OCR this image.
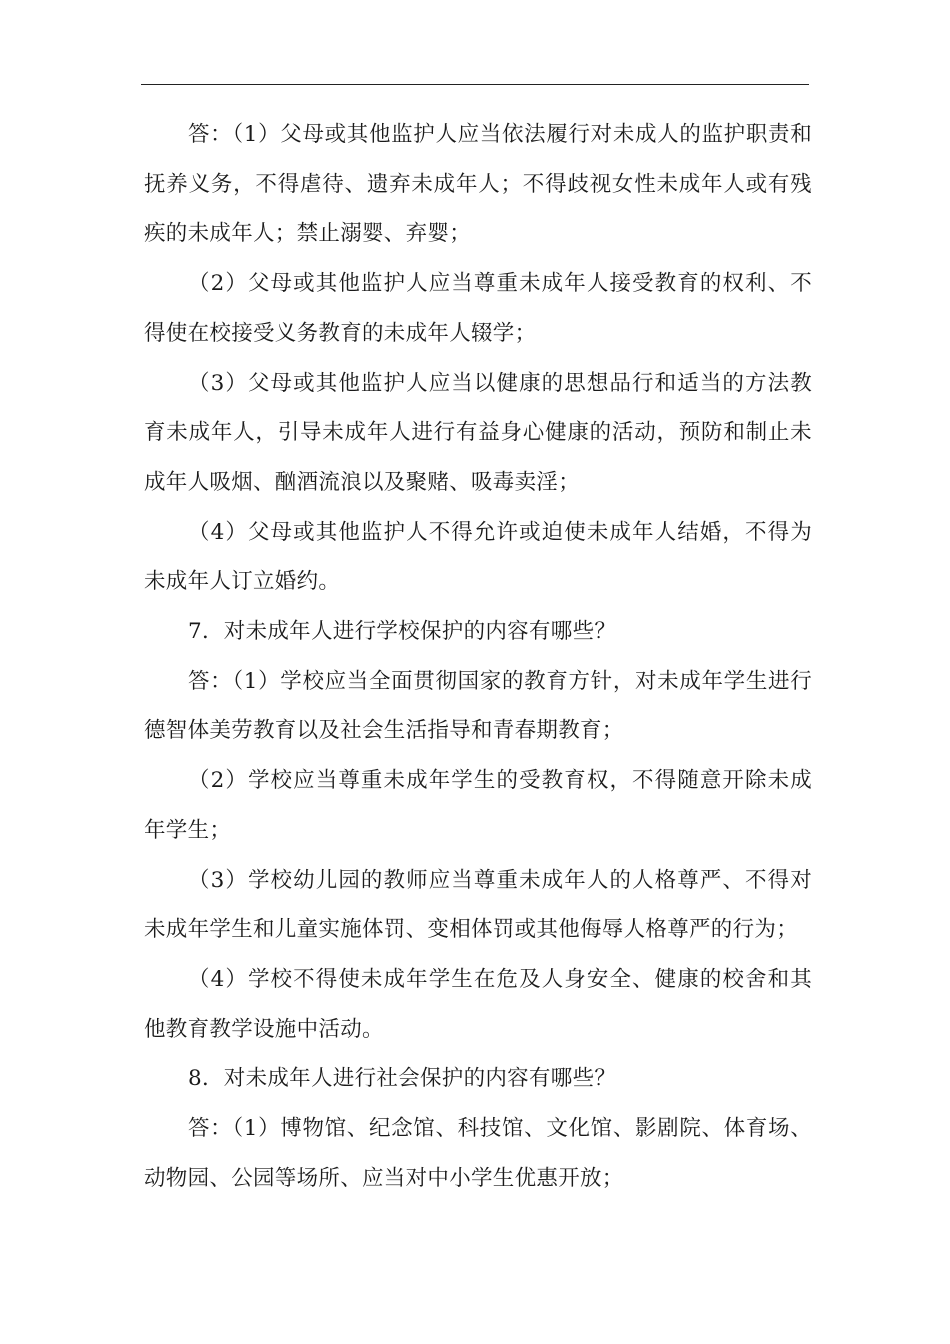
答：（1）父母或其他监护人应当依法履行对未成人的监护职责和抚养义务，不得虐待、遗弃未成年人；不得歧视女性未成年人或有残疾的未成年人；禁止溺婴、弃婴；

（2）父母或其他监护人应当尊重未成年人接受教育的权利、不得使在校接受义务教育的未成年人辍学；

（3）父母或其他监护人应当以健康的思想品行和适当的方法教育未成年人，引导未成年人进行有益身心健康的活动，预防和制止未成年人吸烟、酗酒流浪以及聚赌、吸毒卖淫；

（4）父母或其他监护人不得允许或迫使未成年人结婚，不得为未成年人订立婚约。

7．对未成年人进行学校保护的内容有哪些？

答：（1）学校应当全面贯彻国家的教育方针，对未成年学生进行德智体美劳教育以及社会生活指导和青春期教育；

（2）学校应当尊重未成年学生的受教育权，不得随意开除未成年学生；

（3）学校幼儿园的教师应当尊重未成年人的人格尊严、不得对未成年学生和儿童实施体罚、变相体罚或其他侮辱人格尊严的行为；

（4）学校不得使未成年学生在危及人身安全、健康的校舍和其他教育教学设施中活动。

8．对未成年人进行社会保护的内容有哪些？

答：（1）博物馆、纪念馆、科技馆、文化馆、影剧院、体育场、动物园、公园等场所、应当对中小学生优惠开放；
